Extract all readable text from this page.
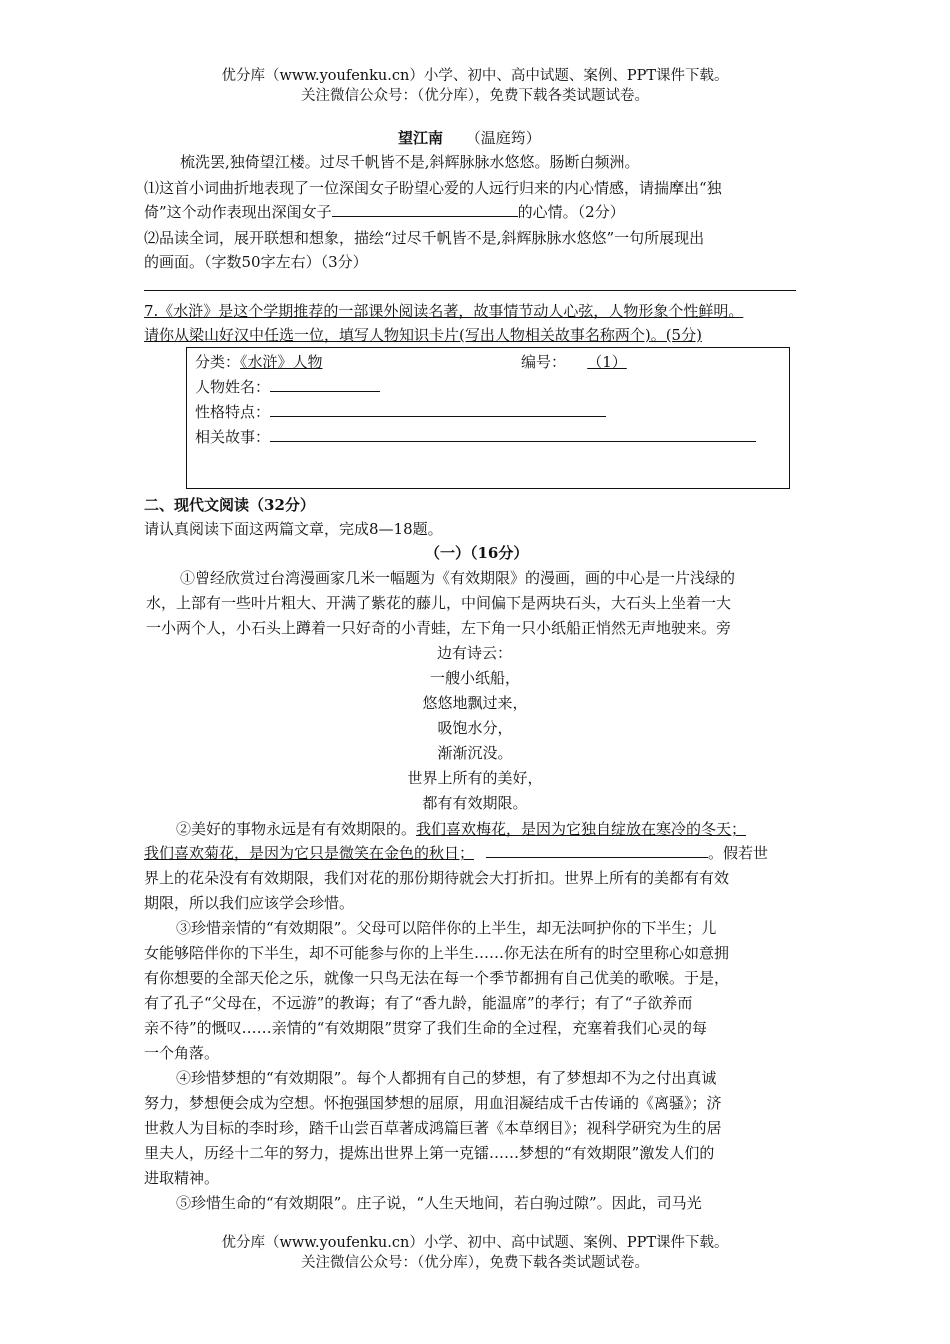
优分库（www.youfenku.cn）小学、初中、高中试题、案例、PPT课件下载。
关注微信公众号：（优分库），免费下载各类试题试卷。
望江南 （温庭筠）
梳洗罢,独倚望江楼。过尽千帆皆不是,斜辉脉脉水悠悠。肠断白频洲。
⑴这首小词曲折地表现了一位深闺女子盼望心爱的人远行归来的内心情感，请揣摩出“独
倚”这个动作表现出深闺女子	的心情。（2分）
⑵品读全词，展开联想和想象，描绘“过尽千帆皆不是,斜辉脉脉水悠悠”一句所展现出
的画面。（字数50字左右）（3分）
7.《水浒》是这个学期推荐的一部课外阅读名著，故事情节动人心弦，人物形象个性鲜明。
请你从梁山好汉中任选一位，填写人物知识卡片(写出人物相关故事名称两个)。(5分)
分类：《水浒》人物	编号： （1）
人物姓名：
性格特点：
相关故事：
二、现代文阅读（32分）
请认真阅读下面这两篇文章，完成8—18题。
（一）（16分）
①曾经欣赏过台湾漫画家几米一幅题为《有效期限》的漫画，画的中心是一片浅绿的
水，上部有一些叶片粗大、开满了紫花的藤儿，中间偏下是两块石头，大石头上坐着一大
一小两个人，小石头上蹲着一只好奇的小青蛙，左下角一只小纸船正悄然无声地驶来。旁
边有诗云：
一艘小纸船，
悠悠地飘过来，
吸饱水分，
渐渐沉没。
世界上所有的美好，
都有有效期限。
②美好的事物永远是有有效期限的。我们喜欢梅花，是因为它独自绽放在寒冷的冬天；
我们喜欢菊花，是因为它只是微笑在金色的秋日；	。假若世
界上的花朵没有有效期限，我们对花的那份期待就会大打折扣。世界上所有的美都有有效
期限，所以我们应该学会珍惜。
③珍惜亲情的“有效期限”。父母可以陪伴你的上半生，却无法呵护你的下半生；儿
女能够陪伴你的下半生，却不可能参与你的上半生……你无法在所有的时空里称心如意拥
有你想要的全部天伦之乐，就像一只鸟无法在每一个季节都拥有自己优美的歌喉。于是，
有了孔子“父母在，不远游”的教诲；有了“香九龄，能温席”的孝行；有了“子欲养而
亲不待”的慨叹……亲情的“有效期限”贯穿了我们生命的全过程，充塞着我们心灵的每
一个角落。
④珍惜梦想的“有效期限”。每个人都拥有自己的梦想，有了梦想却不为之付出真诚
努力，梦想便会成为空想。怀抱强国梦想的屈原，用血泪凝结成千古传诵的《离骚》；济
世救人为目标的李时珍，踏千山尝百草著成鸿篇巨著《本草纲目》；视科学研究为生的居
里夫人，历经十二年的努力，提炼出世界上第一克镭……梦想的“有效期限”激发人们的
进取精神。
⑤珍惜生命的“有效期限”。庄子说，“人生天地间，若白驹过隙”。因此，司马光
优分库（www.youfenku.cn）小学、初中、高中试题、案例、PPT课件下载。
关注微信公众号：（优分库），免费下载各类试题试卷。
